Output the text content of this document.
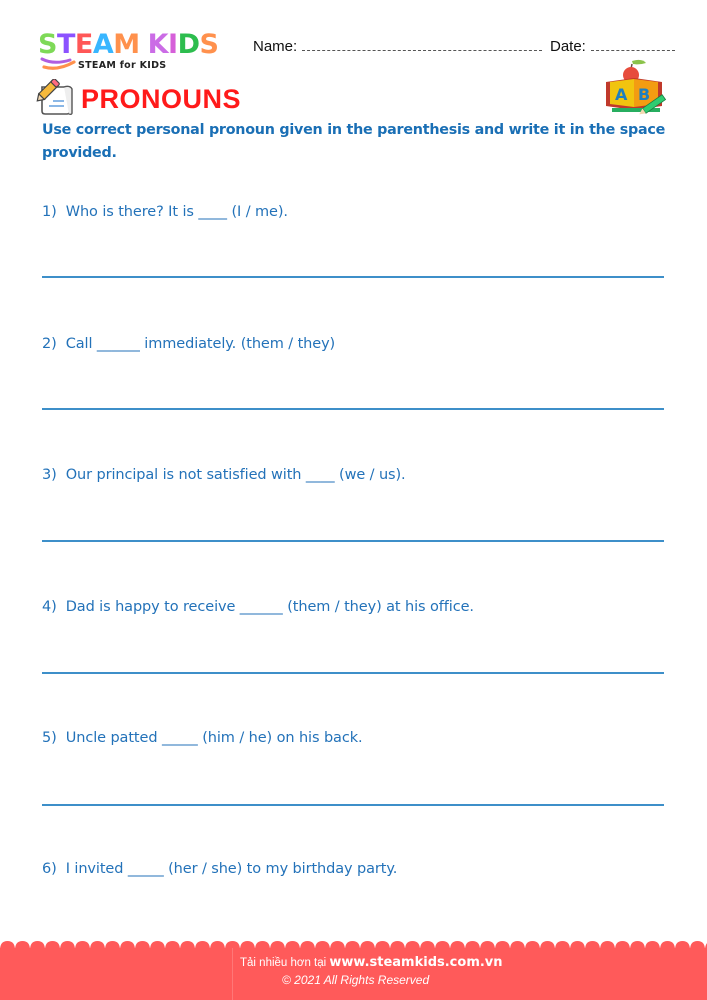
STEAM KIDS
STEAM for KIDS
Name:	Date:
PRONOUNS	A B
Use correct personal pronoun given in the parenthesis and write it in the space provided.
1) Who is there? It is ____ (I / me).
2) Call ______ immediately. (them / they)
3) Our principal is not satisfied with ____ (we / us).
4) Dad is happy to receive ______ (them / they) at his office.
5) Uncle patted _____ (him / he) on his back.
6) I invited _____ (her / she) to my birthday party.
Tải nhiều hơn tại www.steamkids.com.vn
© 2021 All Rights Reserved
